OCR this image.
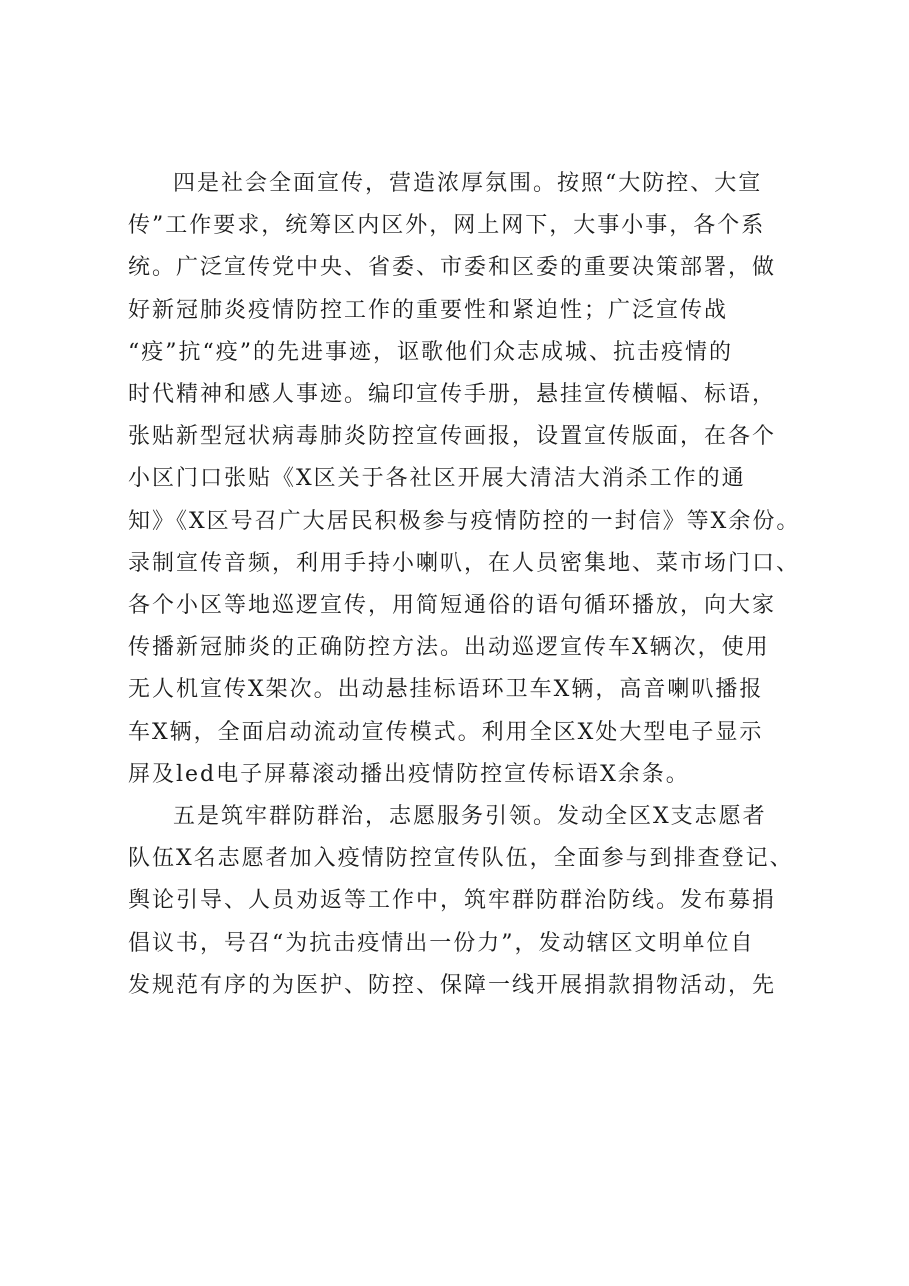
四是社会全面宣传，营造浓厚氛围。按照“大防控、大宣
传”工作要求，统筹区内区外，网上网下，大事小事，各个系
统。广泛宣传党中央、省委、市委和区委的重要决策部署，做
好新冠肺炎疫情防控工作的重要性和紧迫性；广泛宣传战
“疫”抗“疫”的先进事迹，讴歌他们众志成城、抗击疫情的
时代精神和感人事迹。编印宣传手册，悬挂宣传横幅、标语，
张贴新型冠状病毒肺炎防控宣传画报，设置宣传版面，在各个
小区门口张贴《X区关于各社区开展大清洁大消杀工作的通
知》《X区号召广大居民积极参与疫情防控的一封信》等X余份。
录制宣传音频，利用手持小喇叭，在人员密集地、菜市场门口、
各个小区等地巡逻宣传，用简短通俗的语句循环播放，向大家
传播新冠肺炎的正确防控方法。出动巡逻宣传车X辆次，使用
无人机宣传X架次。出动悬挂标语环卫车X辆，高音喇叭播报
车X辆，全面启动流动宣传模式。利用全区X处大型电子显示
屏及led电子屏幕滚动播出疫情防控宣传标语X余条。

五是筑牢群防群治，志愿服务引领。发动全区X支志愿者
队伍X名志愿者加入疫情防控宣传队伍，全面参与到排查登记、
舆论引导、人员劝返等工作中，筑牢群防群治防线。发布募捐
倡议书，号召“为抗击疫情出一份力”，发动辖区文明单位自
发规范有序的为医护、防控、保障一线开展捐款捐物活动，先
